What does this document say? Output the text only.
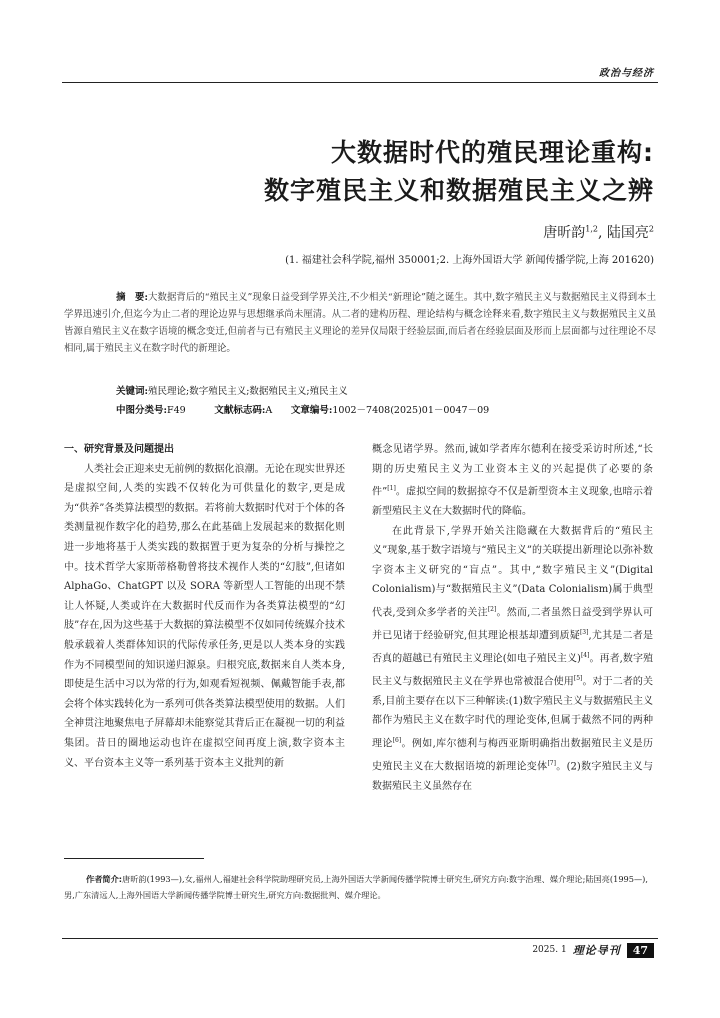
政治与经济
大数据时代的殖民理论重构:
数字殖民主义和数据殖民主义之辨
唐昕韵$^{1,2}$, 陆国亮$^2$
(1. 福建社会科学院,福州 350001;2. 上海外国语大学 新闻传播学院,上海 201620)
摘　要:大数据背后的“殖民主义”现象日益受到学界关注,不少相关“新理论”随之诞生。其中,数字殖民主义与数据殖民主义得到本土学界迅速引介,但迄今为止二者的理论边界与思想继承尚未厘清。从二者的建构历程、理论结构与概念诠释来看,数字殖民主义与数据殖民主义虽皆源自殖民主义在数字语境的概念变迁,但前者与已有殖民主义理论的差异仅局限于经验层面,而后者在经验层面及形而上层面都与过往理论不尽相同,属于殖民主义在数字时代的新理论。
关键词:殖民理论;数字殖民主义;数据殖民主义;殖民主义
中图分类号:F49	文献标志码:A 文章编号:1002－7408(2025)01－0047－09
一、研究背景及问题提出

人类社会正迎来史无前例的数据化浪潮。无论在现实世界还是虚拟空间,人类的实践不仅转化为可供量化的数字,更是成为“供养”各类算法模型的数据。若将前大数据时代对于个体的各类测量视作数字化的趋势,那么在此基础上发展起来的数据化则进一步地将基于人类实践的数据置于更为复杂的分析与操控之中。技术哲学大家斯蒂格勒曾将技术视作人类的“幻肢”,但诸如 AlphaGo、ChatGPT 以及 SORA 等新型人工智能的出现不禁让人怀疑,人类或许在大数据时代反而作为各类算法模型的“幻肢”存在,因为这些基于大数据的算法模型不仅如同传统媒介技术般承载着人类群体知识的代际传承任务,更是以人类本身的实践作为不同模型间的知识递归源泉。归根究底,数据来自人类本身,即使是生活中习以为常的行为,如观看短视频、佩戴智能手表,都会将个体实践转化为一系列可供各类算法模型使用的数据。人们全神贯注地聚焦电子屏幕却未能察觉其背后正在凝视一切的利益集团。昔日的圈地运动也许在虚拟空间再度上演,数字资本主义、平台资本主义等一系列基于资本主义批判的新

概念见诸学界。然而,诚如学者库尔德利在接受采访时所述,“长期的历史殖民主义为工业资本主义的兴起提供了必要的条件”[1]。虚拟空间的数据掠夺不仅是新型资本主义现象,也暗示着新型殖民主义在大数据时代的降临。

在此背景下,学界开始关注隐藏在大数据背后的“殖民主义”现象,基于数字语境与“殖民主义”的关联提出新理论以弥补数字资本主义研究的“盲点”。其中,“数字殖民主义”(Digital Colonialism)与“数据殖民主义”(Data Colonialism)属于典型代表,受到众多学者的关注[2]。然而,二者虽然日益受到学界认可并已见诸于经验研究,但其理论根基却遭到质疑[3],尤其是二者是否真的超越已有殖民主义理论(如电子殖民主义)[4]。再者,数字殖民主义与数据殖民主义在学界也常被混合使用[5]。对于二者的关系,目前主要存在以下三种解读:(1)数字殖民主义与数据殖民主义都作为殖民主义在数字时代的理论变体,但属于截然不同的两种理论[6]。例如,库尔德利与梅西亚斯明确指出数据殖民主义是历史殖民主义在大数据语境的新理论变体[7]。(2)数字殖民主义与数据殖民主义虽然存在

作者简介:唐昕韵(1993—),女,福州人,福建社会科学院助理研究员,上海外国语大学新闻传播学院博士研究生,研究方向:数字治理、媒介理论;陆国亮(1995—),男,广东清远人,上海外国语大学新闻传播学院博士研究生,研究方向:数据批判、媒介理论。
2025. 1 理论导刊	47
